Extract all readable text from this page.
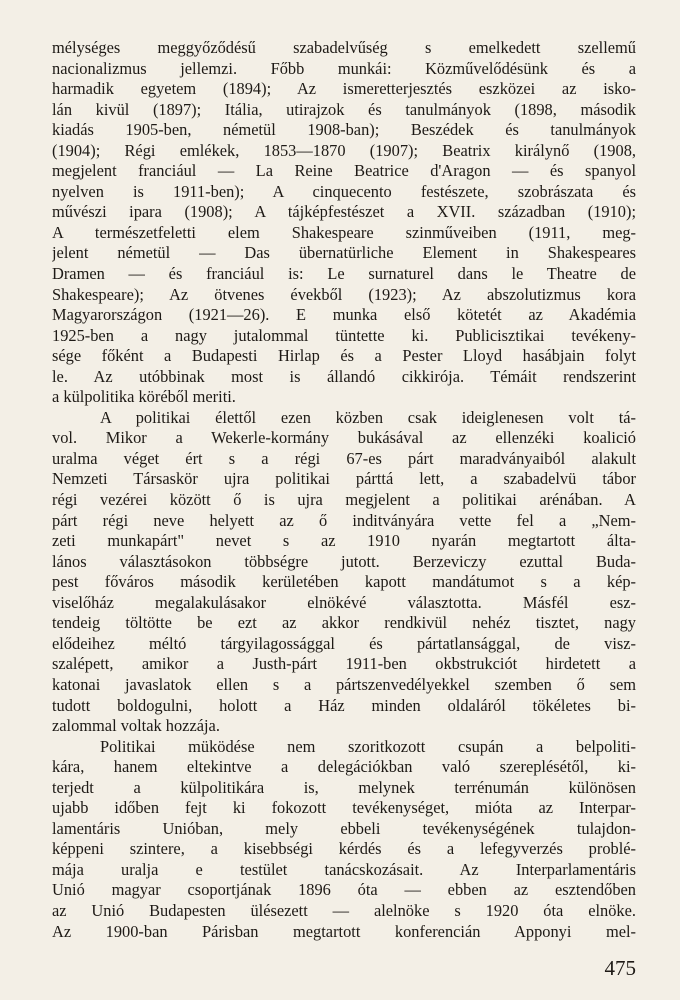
mélységes meggyőződésű szabadelvűség s emelkedett szellemű
nacionalizmus jellemzi. Főbb munkái: Közművelődésünk és a
harmadik egyetem (1894); Az ismeretterjesztés eszközei az isko-
lán kivül (1897); Itália, utirajzok és tanulmányok (1898, második
kiadás 1905-ben, németül 1908-ban); Beszédek és tanulmányok
(1904); Régi emlékek, 1853—1870 (1907); Beatrix királynő (1908,
megjelent franciául — La Reine Beatrice d'Aragon — és spanyol
nyelven is 1911-ben); A cinquecento festészete, szobrászata és
művészi ipara (1908); A tájképfestészet a XVII. században (1910);
A természetfeletti elem Shakespeare szinműveiben (1911, meg-
jelent németül — Das übernatürliche Element in Shakespeares
Dramen — és franciául is: Le surnaturel dans le Theatre de
Shakespeare); Az ötvenes évekből (1923); Az abszolutizmus kora
Magyarországon (1921—26). E munka első kötetét az Akadémia
1925-ben a nagy jutalommal tüntette ki. Publicisztikai tevékeny-
sége főként a Budapesti Hirlap és a Pester Lloyd hasábjain folyt
le. Az utóbbinak most is állandó cikkirója. Témáit rendszerint
a külpolitika köréből meriti.
A politikai élettől ezen közben csak ideiglenesen volt tá-
vol. Mikor a Wekerle-kormány bukásával az ellenzéki koalició
uralma véget ért s a régi 67-es párt maradványaiból alakult
Nemzeti Társaskör ujra politikai párttá lett, a szabadelvü tábor
régi vezérei között ő is ujra megjelent a politikai arénában. A
párt régi neve helyett az ő inditványára vette fel a „Nem-
zeti munkapárt" nevet s az 1910 nyarán megtartott álta-
lános választásokon többségre jutott. Berzeviczy ezuttal Buda-
pest főváros második kerületében kapott mandátumot s a kép-
viselőház megalakulásakor elnökévé választotta. Másfél esz-
tendeig töltötte be ezt az akkor rendkivül nehéz tisztet, nagy
elődeihez méltó tárgyilagossággal és pártatlansággal, de visz-
szalépett, amikor a Justh-párt 1911-ben okbstrukciót hirdetett a
katonai javaslatok ellen s a pártszenvedélyekkel szemben ő sem
tudott boldogulni, holott a Ház minden oldaláról tökéletes bi-
zalommal voltak hozzája.
Politikai müködése nem szoritkozott csupán a belpoliti-
kára, hanem eltekintve a delegációkban való szereplésétől, ki-
terjedt a külpolitikára is, melynek terrénumán különösen
ujabb időben fejt ki fokozott tevékenységet, mióta az Interpar-
lamentáris Unióban, mely ebbeli tevékenységének tulajdon-
képpeni szintere, a kisebbségi kérdés és a lefegyverzés problé-
mája uralja e testület tanácskozásait. Az Interparlamentáris
Unió magyar csoportjának 1896 óta — ebben az esztendőben
az Unió Budapesten ülésezett — alelnöke s 1920 óta elnöke.
Az 1900-ban Párisban megtartott konferencián Apponyi mel-
475
